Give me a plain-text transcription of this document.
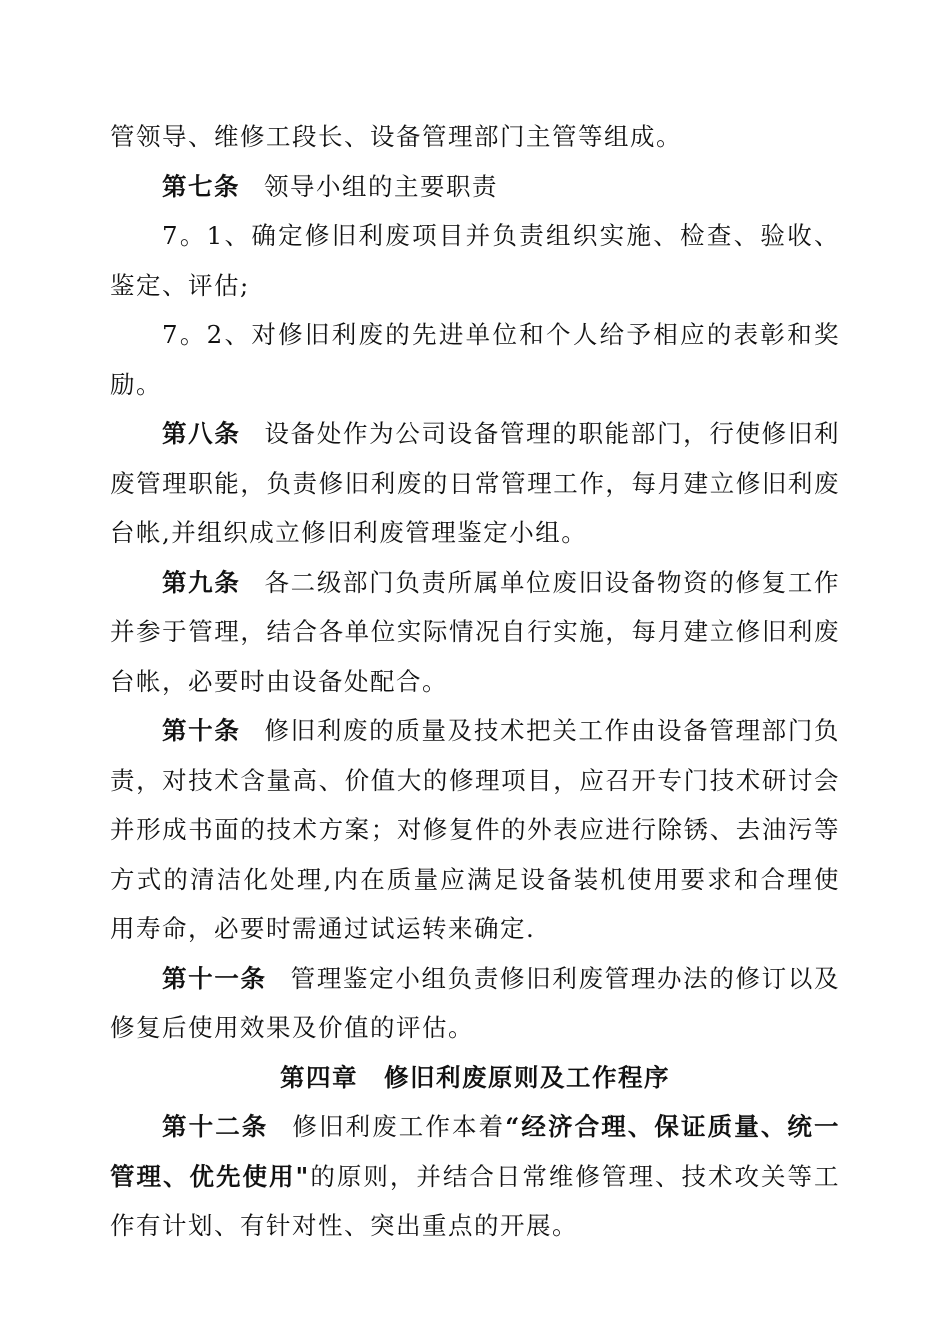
管领导、维修工段长、设备管理部门主管等组成。

第七条 领导小组的主要职责

7。1、确定修旧利废项目并负责组织实施、检查、验收、鉴定、评估;

7。2、对修旧利废的先进单位和个人给予相应的表彰和奖励。

第八条 设备处作为公司设备管理的职能部门，行使修旧利废管理职能，负责修旧利废的日常管理工作，每月建立修旧利废台帐,并组织成立修旧利废管理鉴定小组。

第九条 各二级部门负责所属单位废旧设备物资的修复工作并参于管理，结合各单位实际情况自行实施，每月建立修旧利废台帐，必要时由设备处配合。

第十条 修旧利废的质量及技术把关工作由设备管理部门负责，对技术含量高、价值大的修理项目，应召开专门技术研讨会并形成书面的技术方案；对修复件的外表应进行除锈、去油污等方式的清洁化处理,内在质量应满足设备装机使用要求和合理使用寿命，必要时需通过试运转来确定.

第十一条 管理鉴定小组负责修旧利废管理办法的修订以及修复后使用效果及价值的评估。

第四章 修旧利废原则及工作程序

第十二条 修旧利废工作本着“经济合理、保证质量、统一管理、优先使用"的原则，并结合日常维修管理、技术攻关等工作有计划、有针对性、突出重点的开展。
